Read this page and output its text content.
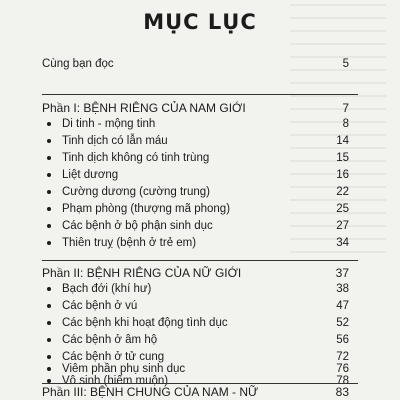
MỤC LỤC
Cùng bạn đọc	5
Phần I: BỆNH RIÊNG CỦA NAM GIỚI	7
Di tinh - mộng tinh	8
Tinh dịch có lẫn máu	14
Tinh dịch không có tinh trùng	15
Liệt dương	16
Cường dương (cường trung)	22
Phạm phòng (thượng mã phong)	25
Các bệnh ở bộ phận sinh dục	27
Thiên truỵ (bệnh ở trẻ em)	34
Phần II: BỆNH RIÊNG CỦA NỮ GIỚI	37
Bạch đới (khí hư)	38
Các bệnh ở vú	47
Các bệnh khi hoạt động tình dục	52
Các bệnh ở âm hộ	56
Các bệnh ở tử cung	72
Viêm phần phụ sinh dục	76
Vô sinh (hiếm muộn)	78
Phần III: BỆNH CHUNG CỦA NAM - NỮ	83
